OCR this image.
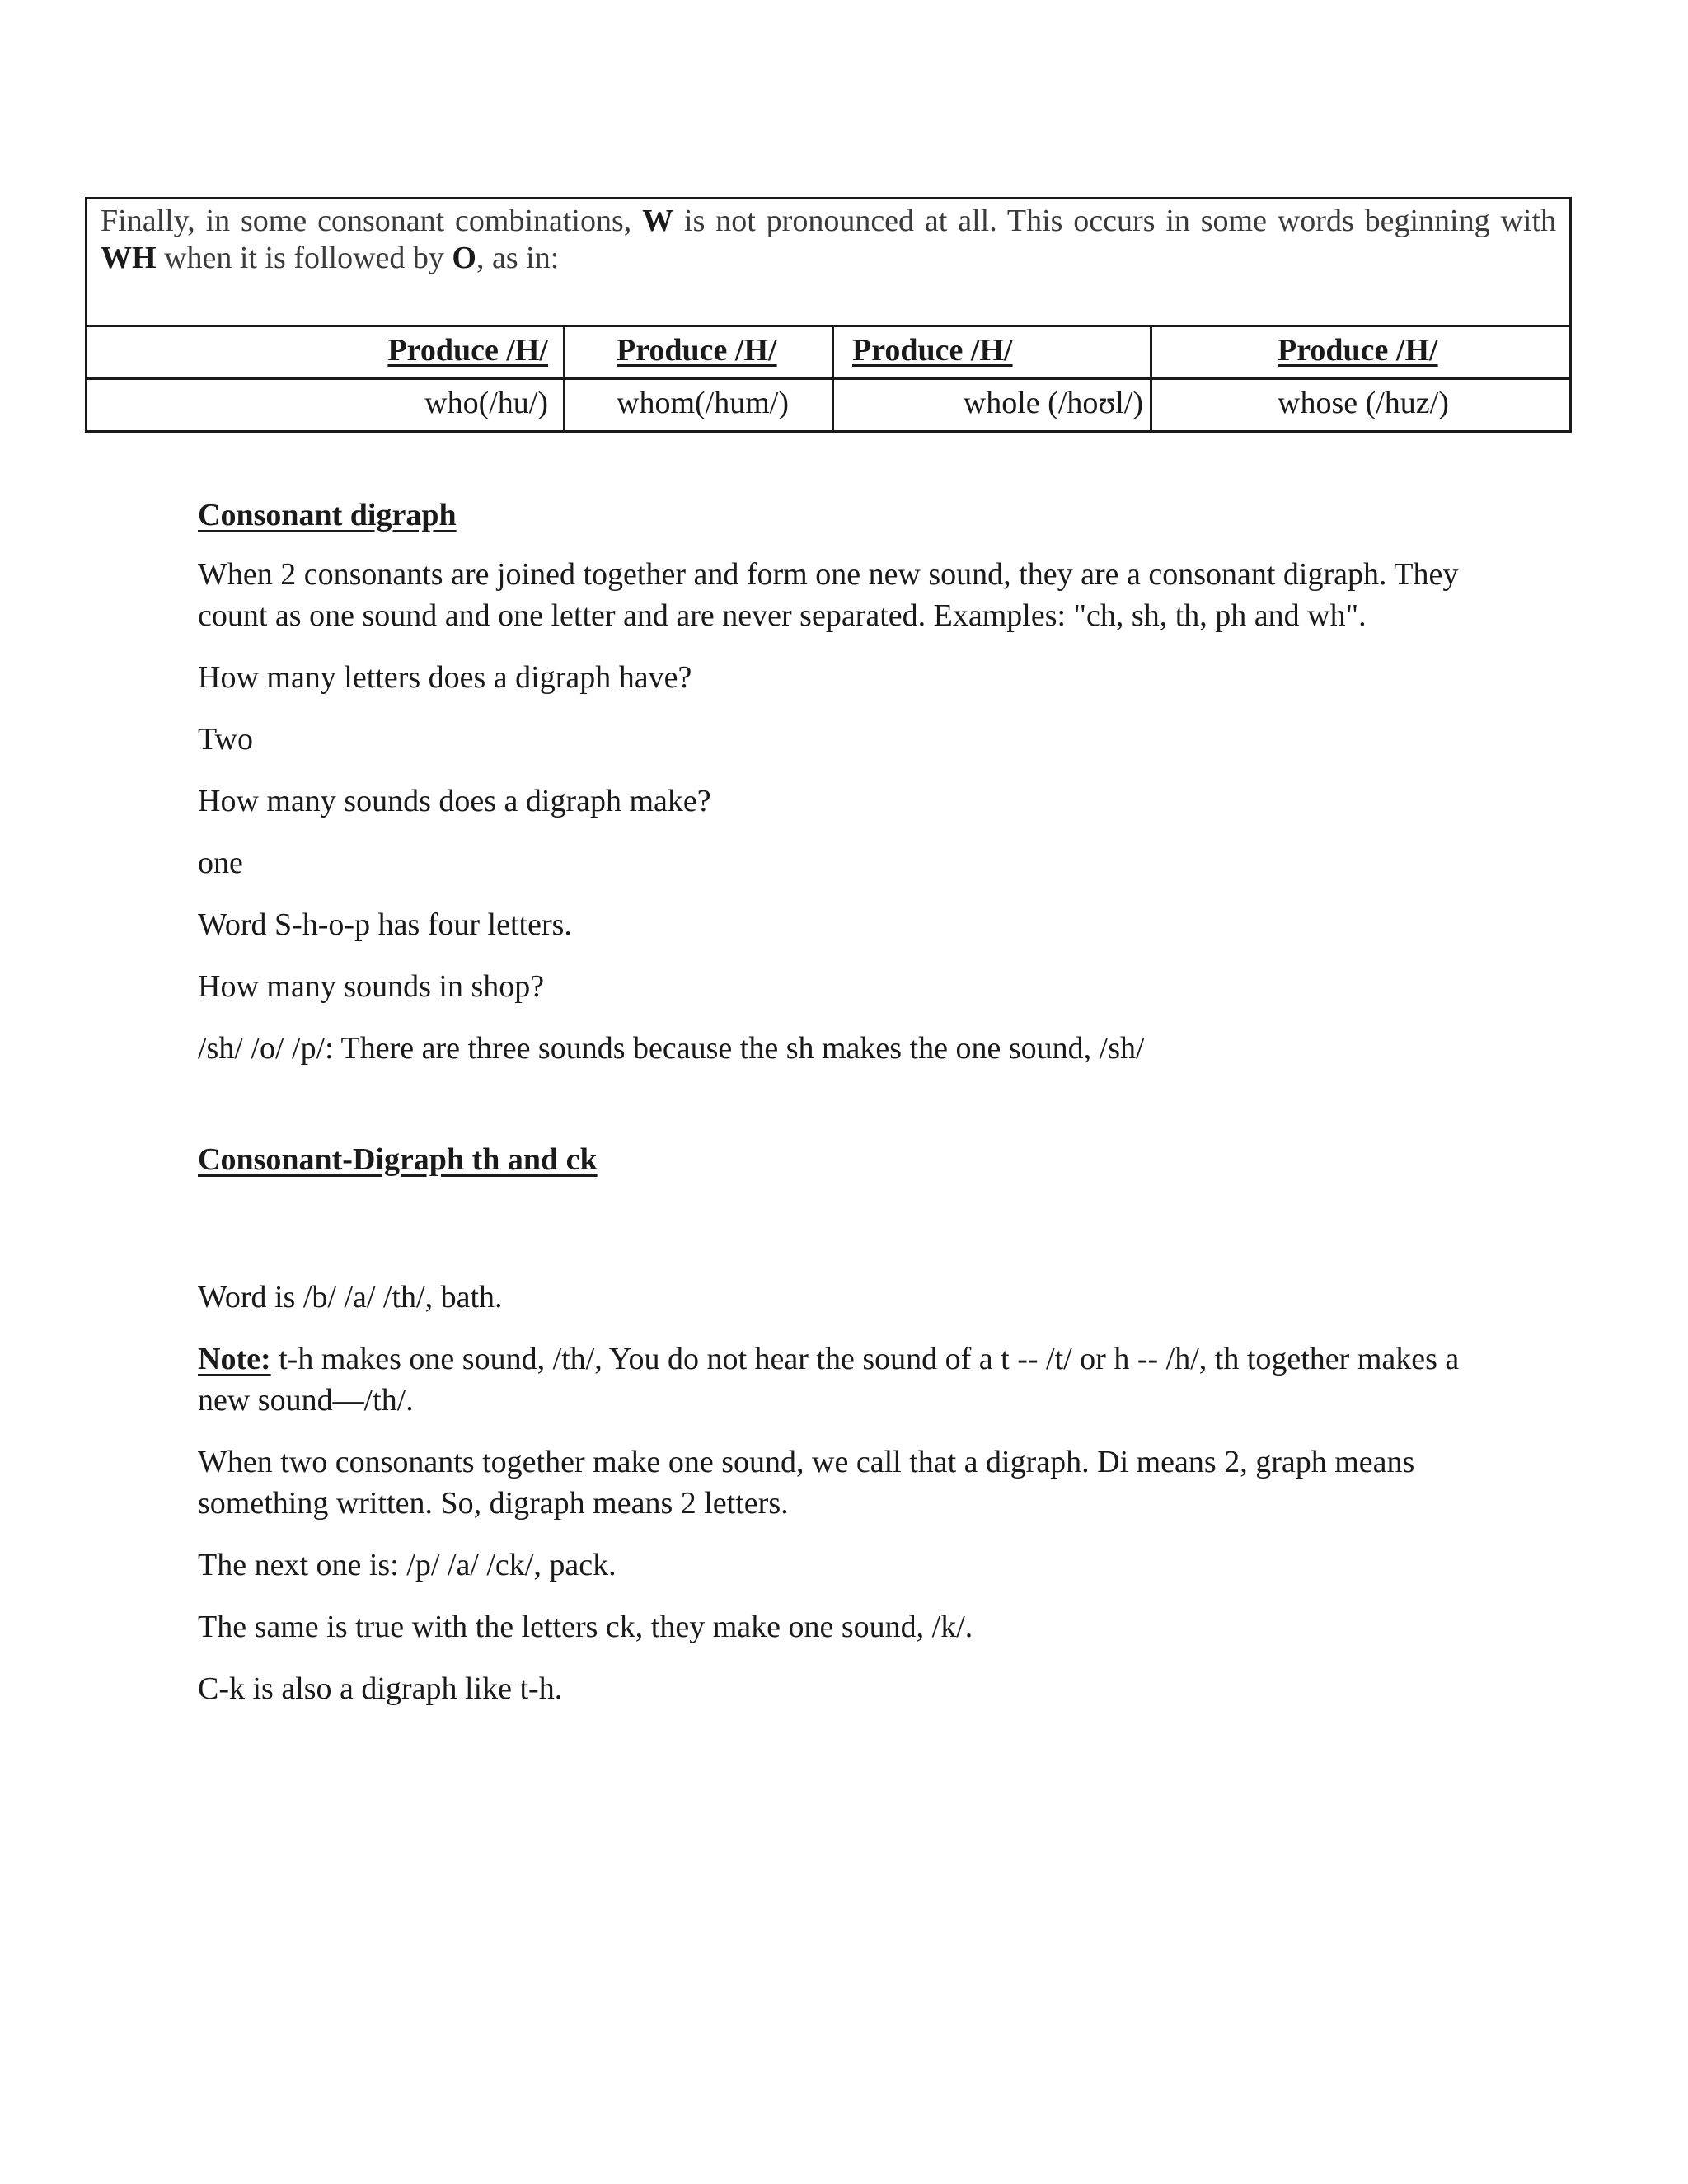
Finally, in some consonant combinations, W is not pronounced at all. This occurs in some words beginning with WH when it is followed by O, as in:			
Produce /H/	Produce /H/	Produce /H/	Produce /H/
who(/hu/)	whom(/hum/)	whole (/hoʊl/)	whose (/huz/)

Consonant digraph

When 2 consonants are joined together and form one new sound, they are a consonant digraph. They count as one sound and one letter and are never separated. Examples: "ch, sh, th, ph and wh".

How many letters does a digraph have?

Two

How many sounds does a digraph make?

one

Word S-h-o-p has four letters.

How many sounds in shop?

/sh/ /o/ /p/: There are three sounds because the sh makes the one sound, /sh/

Consonant-Digraph th and ck

Word is /b/ /a/ /th/, bath.

Note: t-h makes one sound, /th/, You do not hear the sound of a t -- /t/ or h -- /h/, th together makes a new sound—/th/.

When two consonants together make one sound, we call that a digraph. Di means 2, graph means something written. So, digraph means 2 letters.

The next one is: /p/ /a/ /ck/, pack.

The same is true with the letters ck, they make one sound, /k/.

C-k is also a digraph like t-h.
